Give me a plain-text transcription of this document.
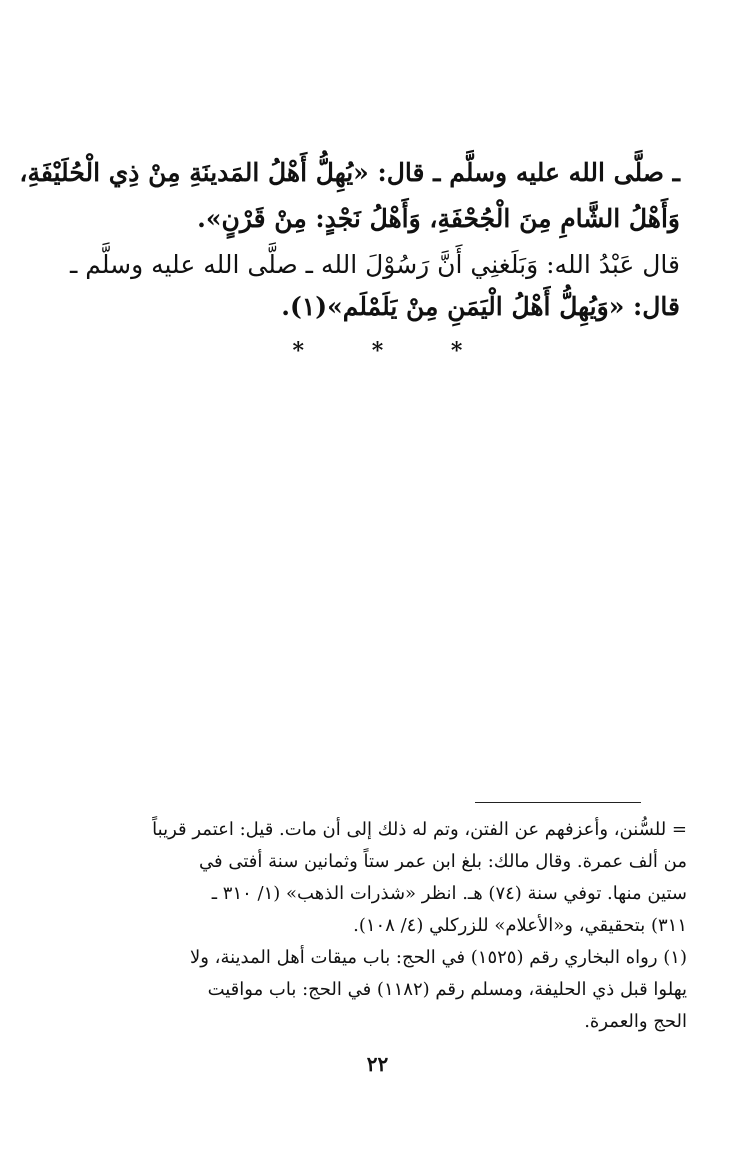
ـ صلَّى الله عليه وسلَّم ـ قال: «يُهِلُّ أَهْلُ المَدينَةِ مِنْ ذِي الْحُلَيْفَةِ،
وَأَهْلُ الشَّامِ مِنَ الْجُحْفَةِ، وَأَهْلُ نَجْدٍ: مِنْ قَرْنٍ».
قال عَبْدُ الله: وَبَلَغنِي أَنَّ رَسُوْلَ الله ـ صلَّى الله عليه وسلَّم ـ
قال: «وَيُهِلُّ أَهْلُ الْيَمَنِ مِنْ يَلَمْلَم»(١).
*	*	*
= للسُّنن، وأعزفهم عن الفتن، وتم له ذلك إلى أن مات. قيل: اعتمر قريباً
من ألف عمرة. وقال مالك: بلغ ابن عمر ستاً وثمانين سنة أفتى في
ستين منها. توفي سنة (٧٤) هـ. انظر «شذرات الذهب» (١/ ٣١٠ ـ
٣١١) بتحقيقي، و«الأعلام» للزركلي (٤/ ١٠٨).
(١) رواه البخاري رقم (١٥٢٥) في الحج: باب ميقات أهل المدينة، ولا
يهلوا قبل ذي الحليفة، ومسلم رقم (١١٨٢) في الحج: باب مواقيت
الحج والعمرة.
٢٢
